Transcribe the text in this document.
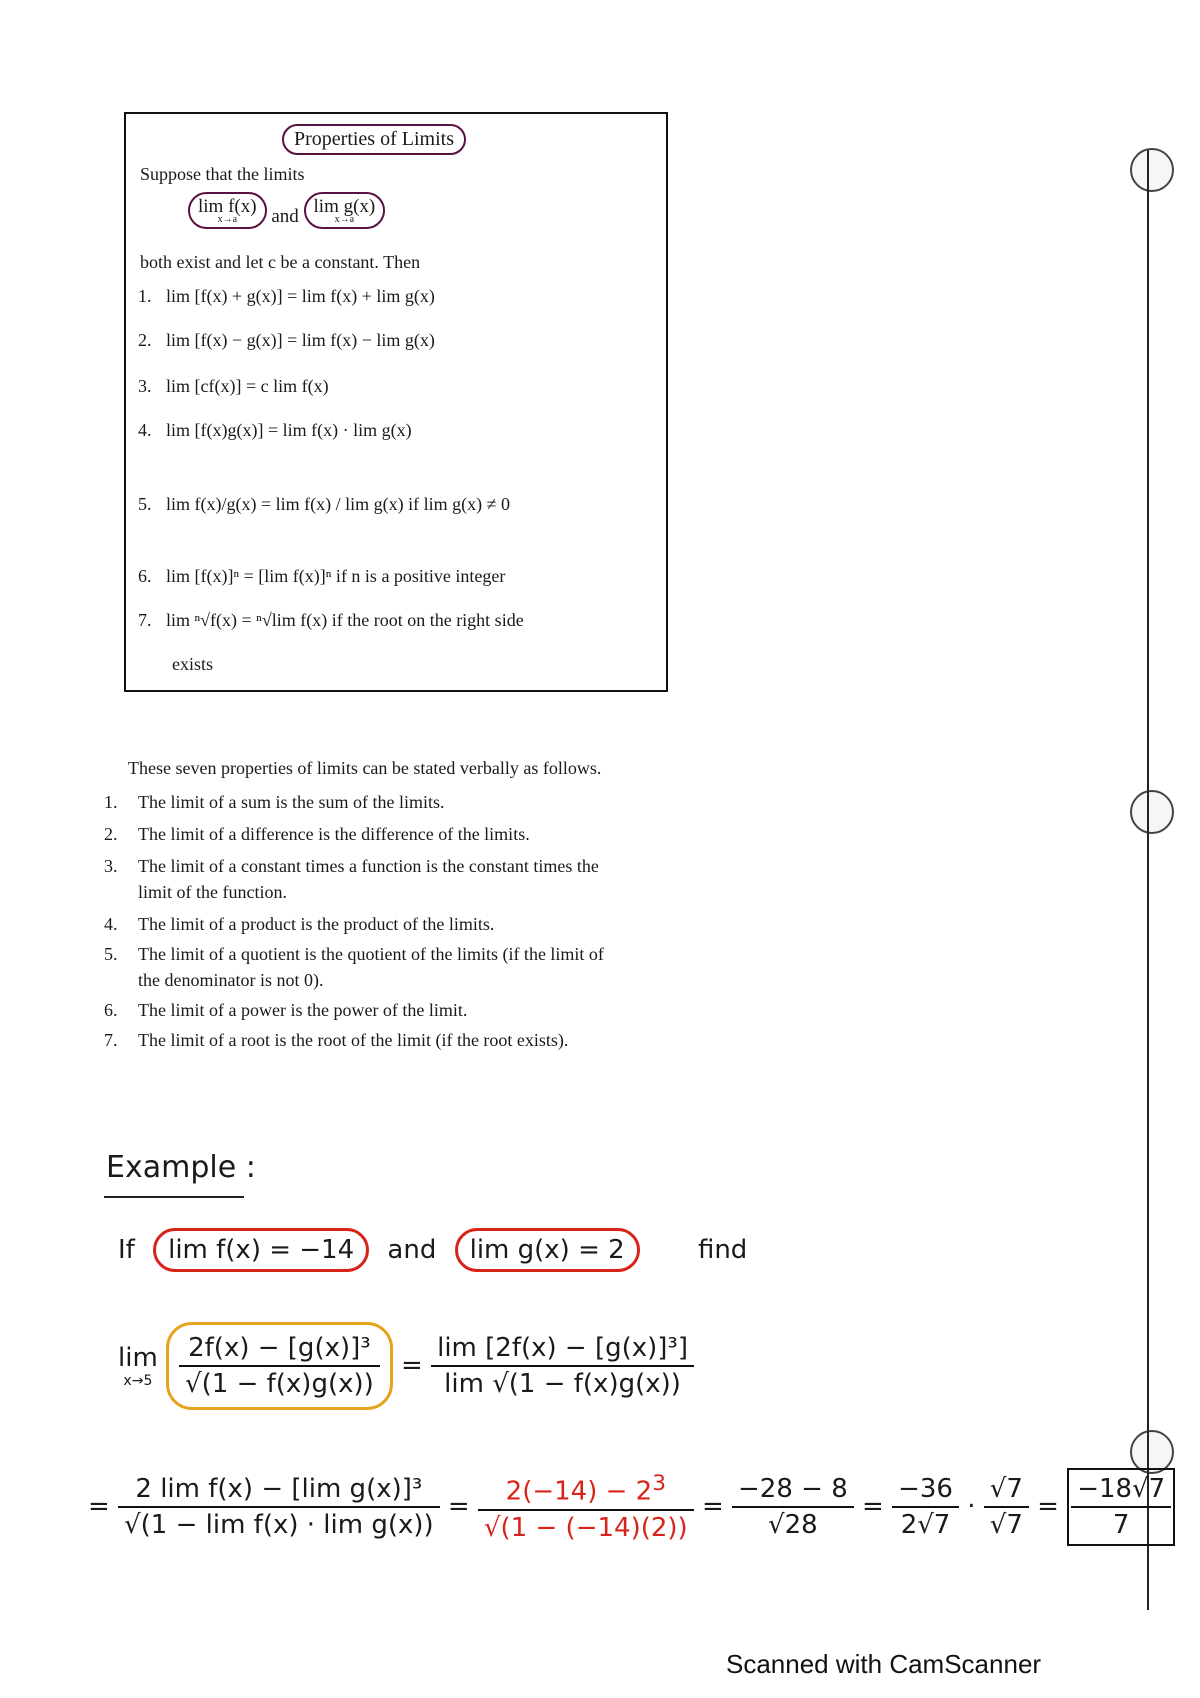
Properties of Limits
Suppose that the limits
lim f(x)
x→a	and lim g(x)
x→a
both exist and let c be a constant. Then
1. lim [f(x) + g(x)] = lim f(x) + lim g(x)
2. lim [f(x) − g(x)] = lim f(x) − lim g(x)
3. lim [cf(x)] = c lim f(x)
4. lim [f(x)g(x)] = lim f(x) · lim g(x)
5. lim f(x)/g(x) = lim f(x) / lim g(x) if lim g(x) ≠ 0
6. lim [f(x)]ⁿ = [lim f(x)]ⁿ if n is a positive integer
7. lim ⁿ√f(x) = ⁿ√lim f(x) if the root on the right side
exists
These seven properties of limits can be stated verbally as follows.
1. The limit of a sum is the sum of the limits.
2. The limit of a difference is the difference of the limits.
3. The limit of a constant times a function is the constant times the
limit of the function.
4. The limit of a product is the product of the limits.
5. The limit of a quotient is the quotient of the limits (if the limit of
the denominator is not 0).
6. The limit of a power is the power of the limit.
7. The limit of a root is the root of the limit (if the root exists).
Example :
If lim f(x) = −14 and lim g(x) = 2	find
lim
x→5
$\frac{\text{2f(x) − [g(x)]³}}{√(1 - f(x)g(x))} = \frac{\text{lim [2f(x) − [g(x)]³]}}{\lim √(1 - f(x)g(x))}$
= $\frac{\text{2 lim f(x) − [lim g(x)]³}}{\text{√(1 − lim f(x) · lim g(x))}} = \frac{2(-14) - 2^3}{√(1 - (-14)(2))} = \frac{-28 - 8}{√28} = \frac{-36}{2√7} \cdot \frac{√7}{√7} = \frac{-18√7}{7}$
Scanned with CamScanner
